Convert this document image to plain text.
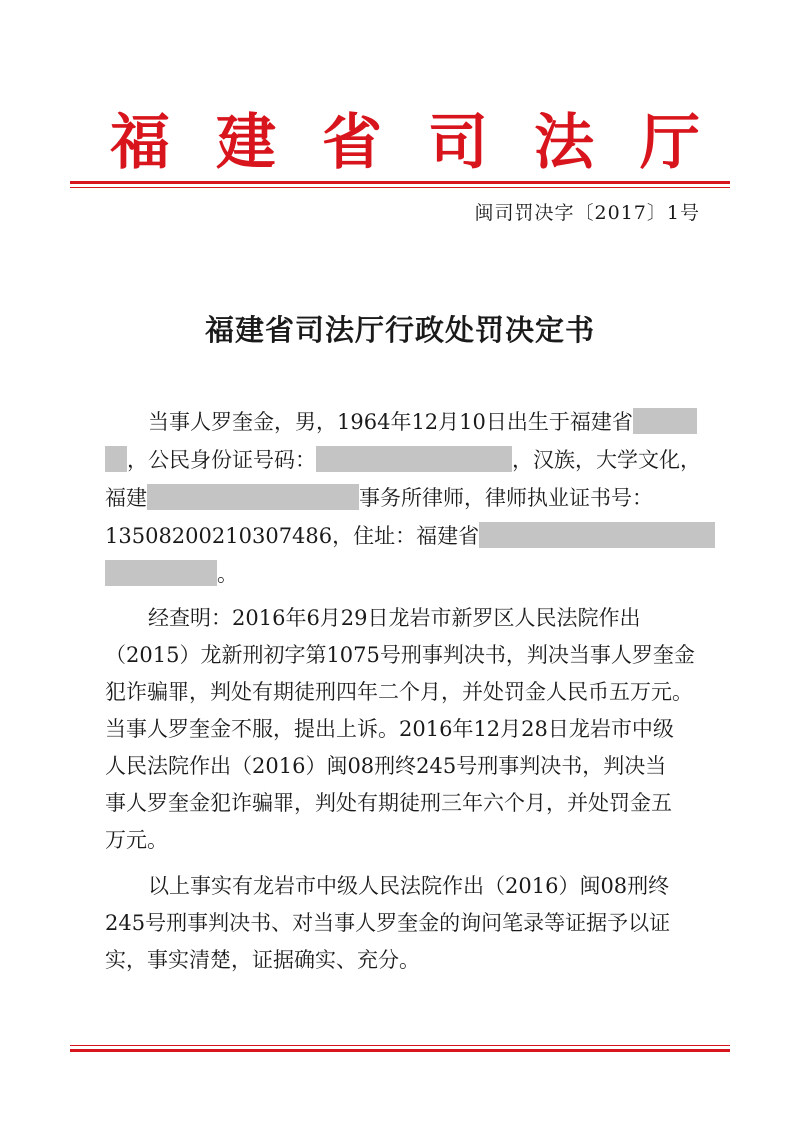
福 建 省 司 法 厅
闽司罚决字〔2017〕1号
福建省司法厅行政处罚决定书
当事人罗奎金，男，1964年12月10日出生于福建省
，公民身份证号码：	，汉族，大学文化，
福建	事务所律师，律师执业证书号：
13508200210307486，住址：福建省
。
经查明：2016年6月29日龙岩市新罗区人民法院作出
（2015）龙新刑初字第1075号刑事判决书，判决当事人罗奎金
犯诈骗罪，判处有期徒刑四年二个月，并处罚金人民币五万元。
当事人罗奎金不服，提出上诉。2016年12月28日龙岩市中级
人民法院作出（2016）闽08刑终245号刑事判决书，判决当
事人罗奎金犯诈骗罪，判处有期徒刑三年六个月，并处罚金五
万元。
以上事实有龙岩市中级人民法院作出（2016）闽08刑终
245号刑事判决书、对当事人罗奎金的询问笔录等证据予以证
实，事实清楚，证据确实、充分。
